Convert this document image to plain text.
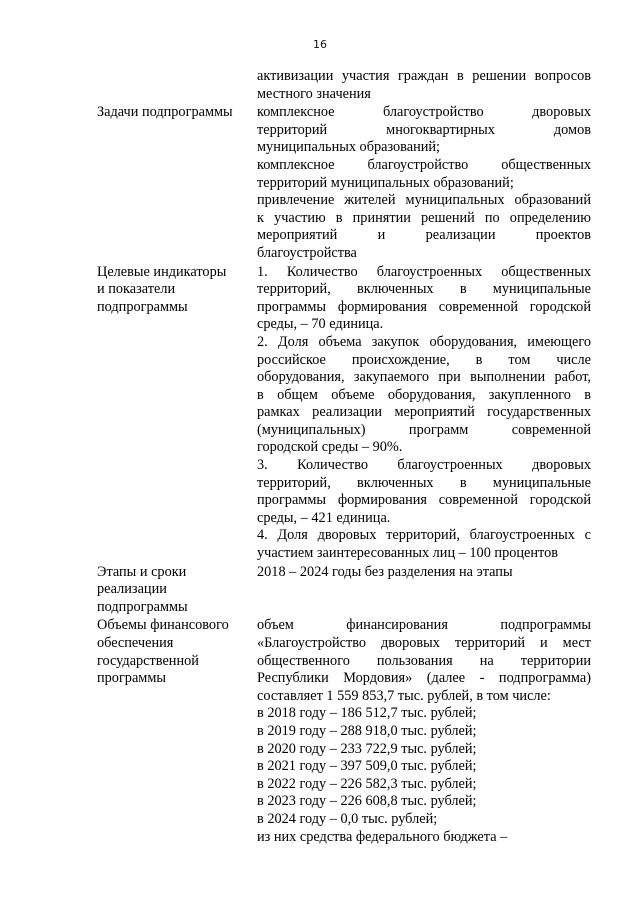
16
активизации участия граждан в решении вопросов
местного значения
Задачи подпрограммы	комплексное благоустройство дворовых
территорий многоквартирных домов
муниципальных образований;
комплексное благоустройство общественных
территорий муниципальных образований;
привлечение жителей муниципальных образований
к участию в принятии решений по определению
мероприятий и реализации проектов
благоустройства
Целевые индикаторы
и показатели
подпрограммы
1. Количество благоустроенных общественных
территорий, включенных в муниципальные
программы формирования современной городской
среды, – 70 единица.
2. Доля объема закупок оборудования, имеющего
российское происхождение, в том числе
оборудования, закупаемого при выполнении работ,
в общем объеме оборудования, закупленного в
рамках реализации мероприятий государственных
(муниципальных) программ современной
городской среды – 90%.
3. Количество благоустроенных дворовых
территорий, включенных в муниципальные
программы формирования современной городской
среды, – 421 единица.
4. Доля дворовых территорий, благоустроенных с
участием заинтересованных лиц – 100 процентов
Этапы и сроки
реализации
подпрограммы
2018 – 2024 годы без разделения на этапы
Объемы финансового
обеспечения
государственной
программы
объем финансирования подпрограммы
«Благоустройство дворовых территорий и мест
общественного пользования на территории
Республики Мордовия» (далее - подпрограмма)
составляет 1 559 853,7 тыс. рублей, в том числе:
в 2018 году – 186 512,7 тыс. рублей;
в 2019 году – 288 918,0 тыс. рублей;
в 2020 году – 233 722,9 тыс. рублей;
в 2021 году – 397 509,0 тыс. рублей;
в 2022 году – 226 582,3 тыс. рублей;
в 2023 году – 226 608,8 тыс. рублей;
в 2024 году – 0,0 тыс. рублей;
из них средства федерального бюджета –
